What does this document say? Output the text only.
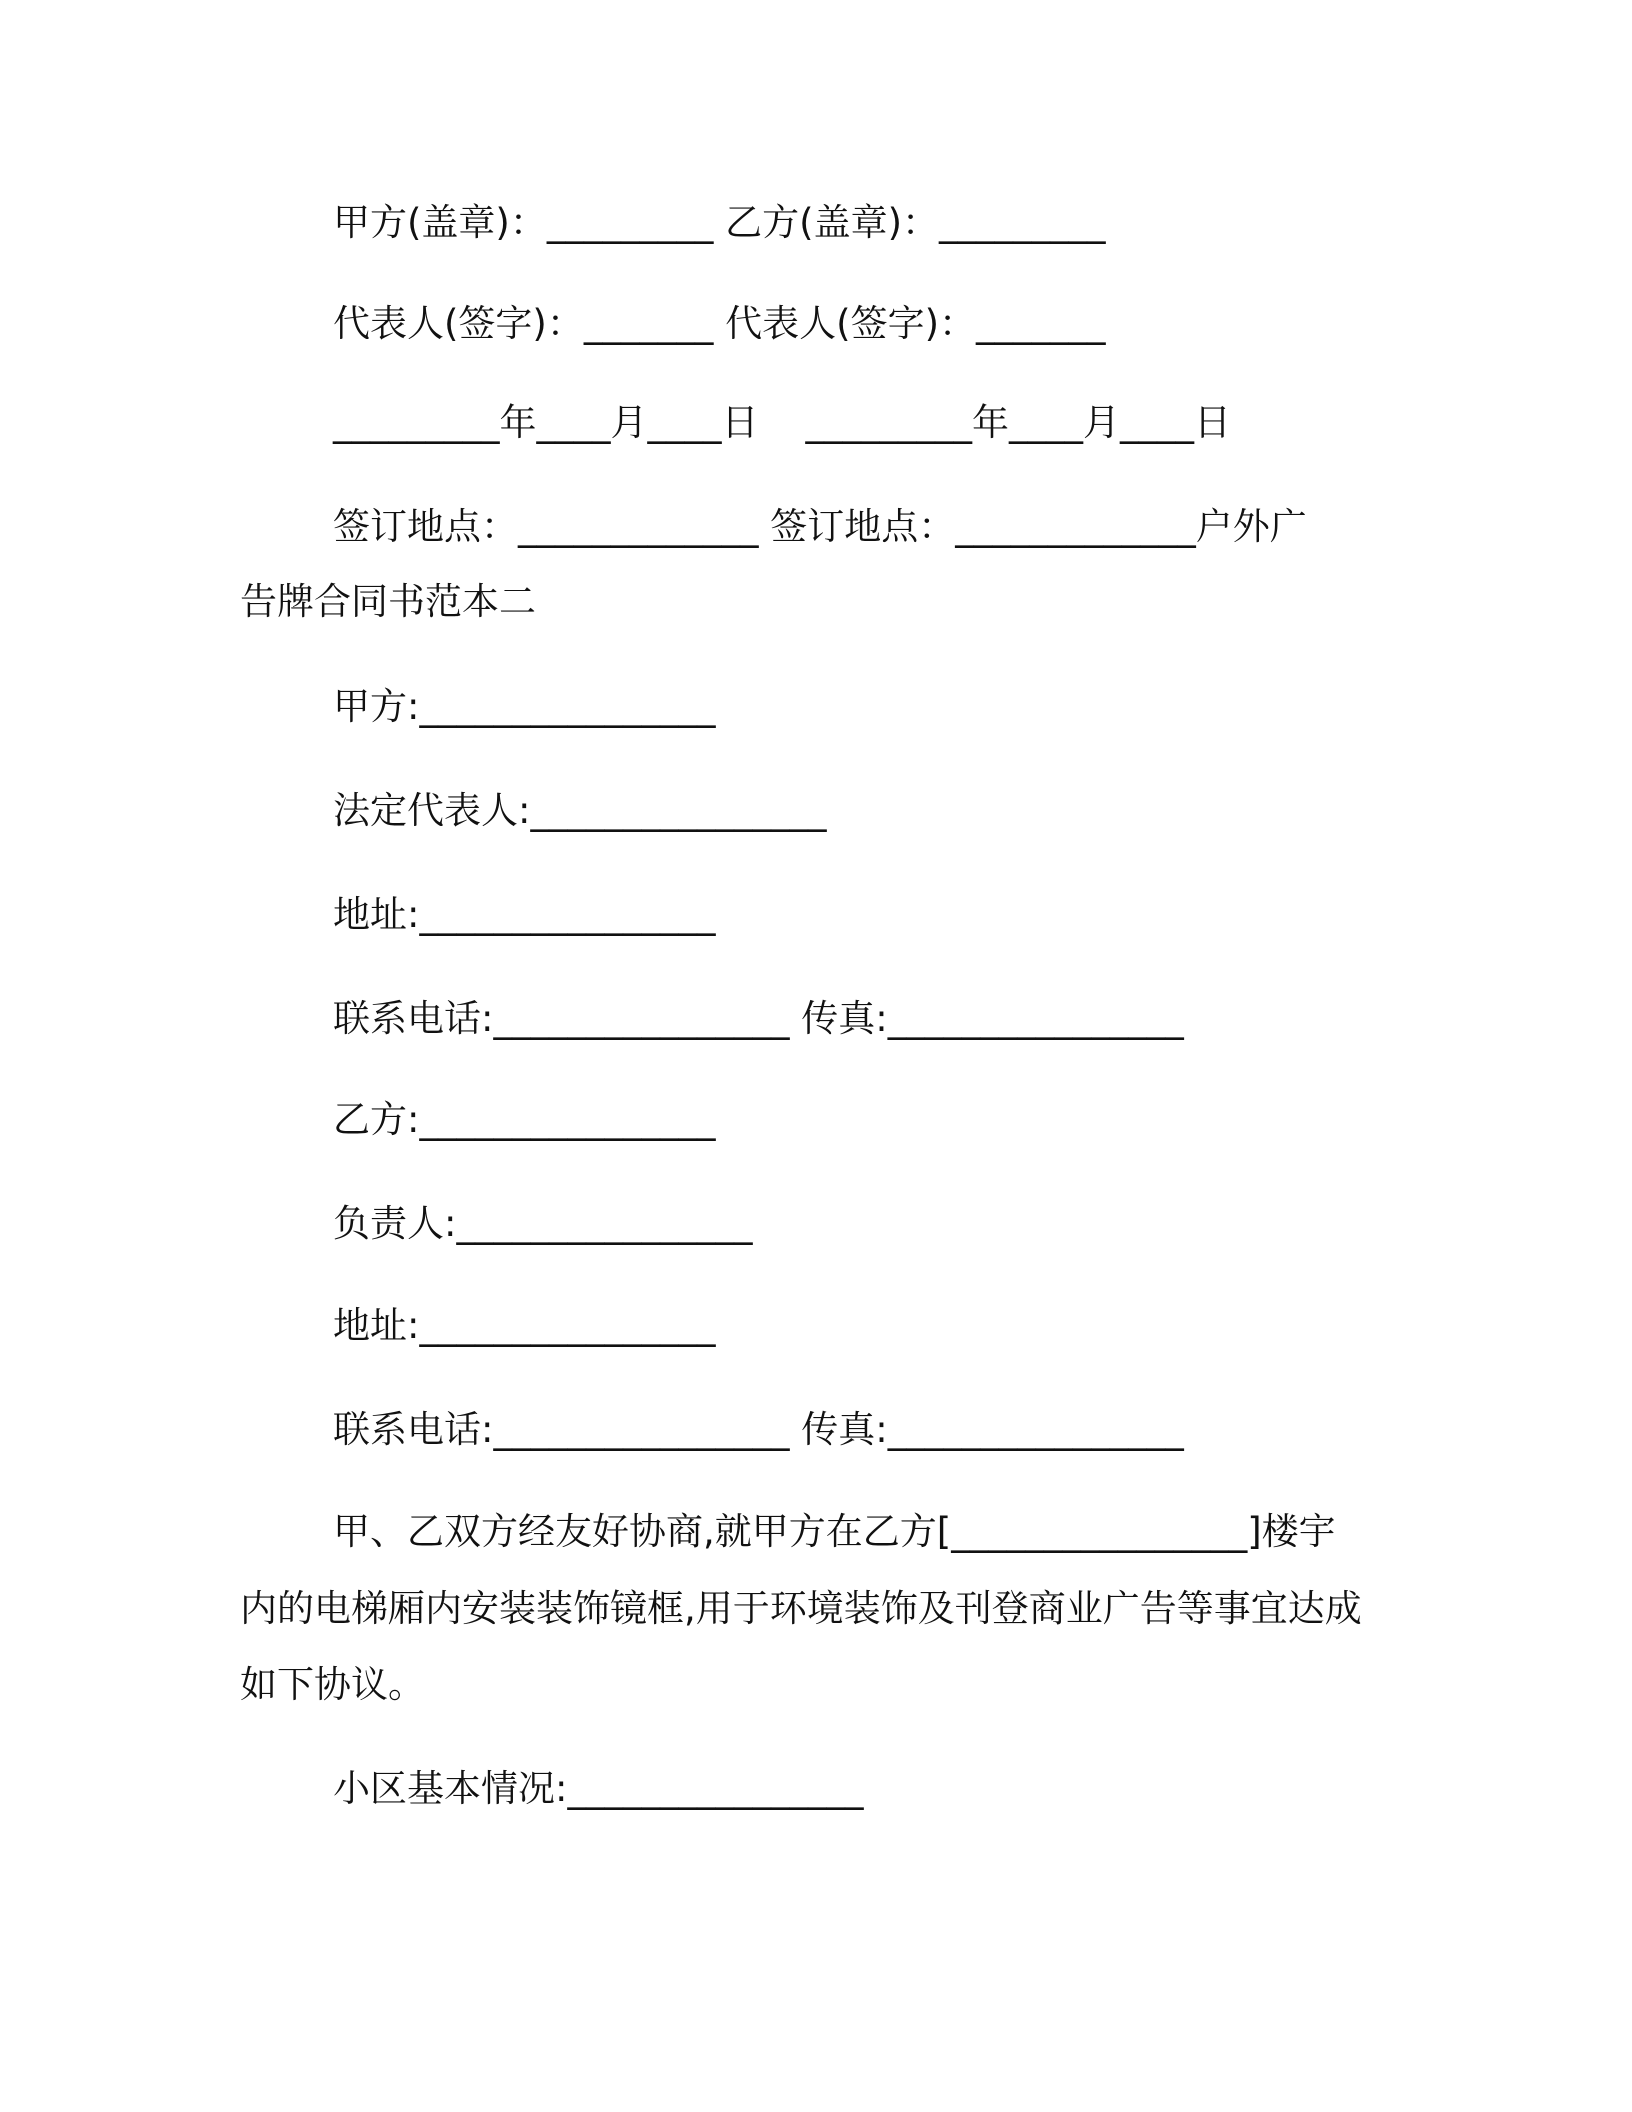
甲方(盖章)：_________ 乙方(盖章)：_________
代表人(签字)：_______ 代表人(签字)：_______
_________年____月____日    _________年____月____日
签订地点：_____________ 签订地点：_____________户外广
告牌合同书范本二
甲方:________________
法定代表人:________________
地址:________________
联系电话:________________ 传真:________________
乙方:________________
负责人:________________
地址:________________
联系电话:________________ 传真:________________
甲、乙双方经友好协商,就甲方在乙方[________________]楼宇
内的电梯厢内安装装饰镜框,用于环境装饰及刊登商业广告等事宜达成
如下协议。
小区基本情况:________________
